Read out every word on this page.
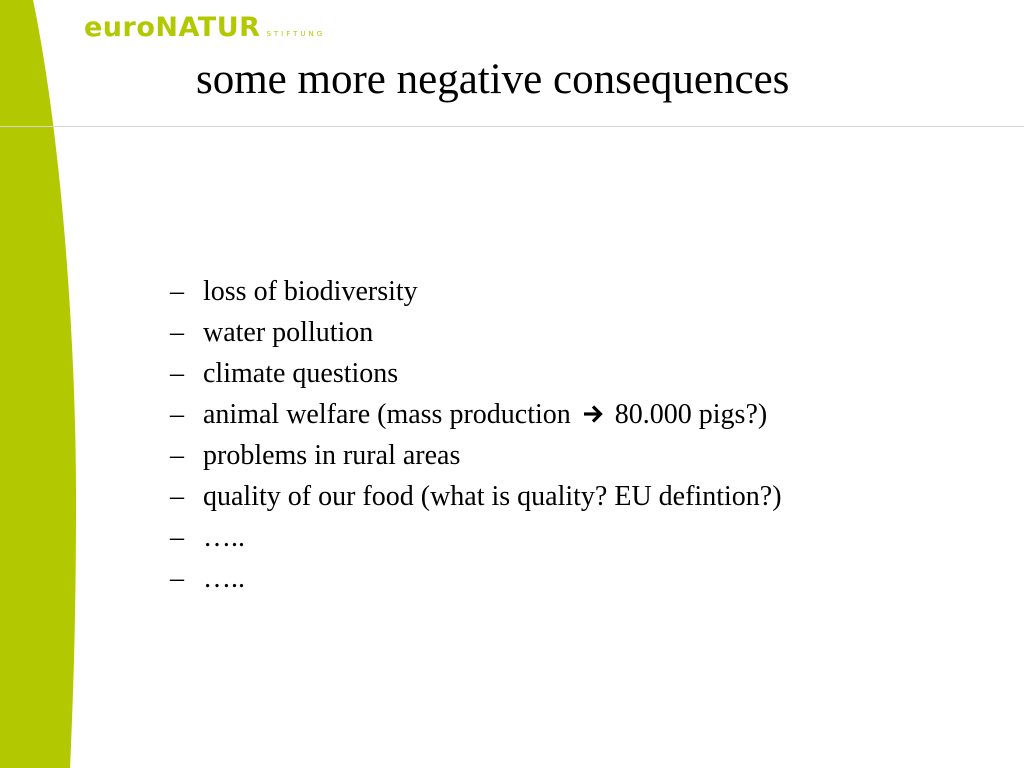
euroNATUR STIFTUNG
some more negative consequences
– loss of biodiversity
– water pollution
– climate questions
– animal welfare (mass production 80.000 pigs?)
– problems in rural areas
– quality of our food (what is quality? EU defintion?)
– …..
– …..
